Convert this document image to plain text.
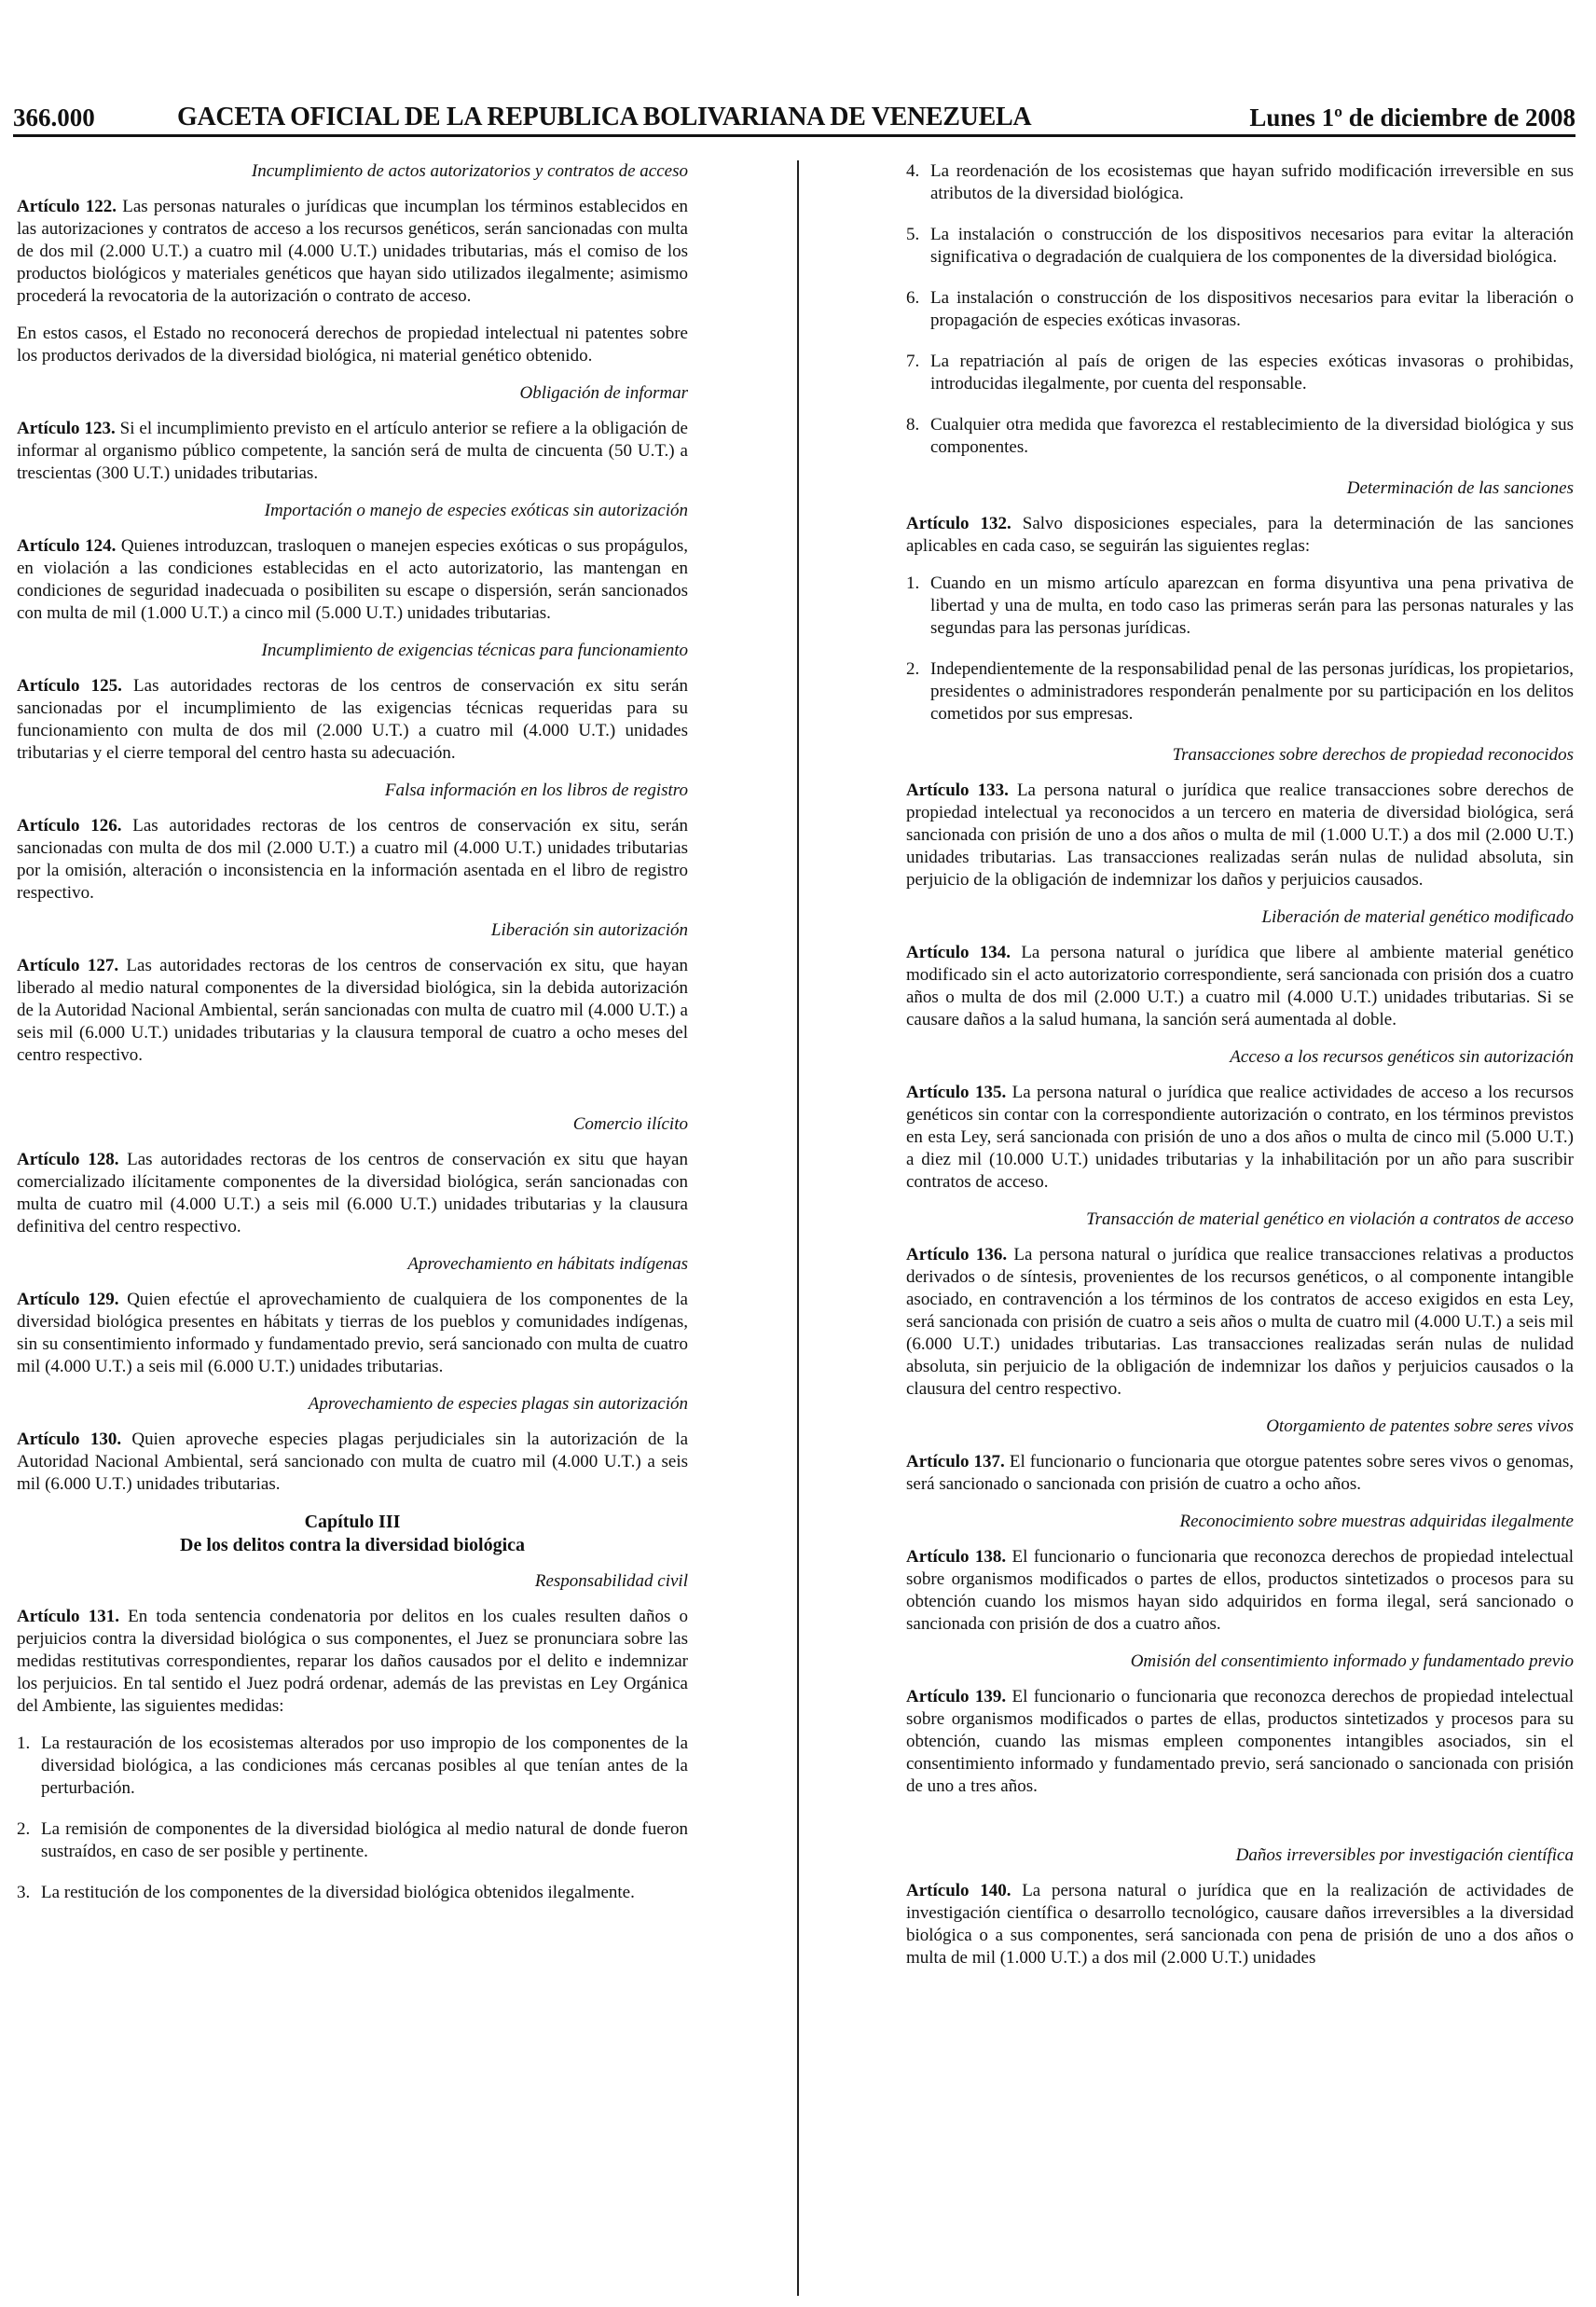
366.000	GACETA OFICIAL DE LA REPUBLICA BOLIVARIANA DE VENEZUELA	Lunes 1º de diciembre de 2008
Incumplimiento de actos autorizatorios y contratos de acceso

Artículo 122. Las personas naturales o jurídicas que incumplan los términos establecidos en las autorizaciones y contratos de acceso a los recursos genéticos, serán sancionadas con multa de dos mil (2.000 U.T.) a cuatro mil (4.000 U.T.) unidades tributarias, más el comiso de los productos biológicos y materiales genéticos que hayan sido utilizados ilegalmente; asimismo procederá la revocatoria de la autorización o contrato de acceso.

En estos casos, el Estado no reconocerá derechos de propiedad intelectual ni patentes sobre los productos derivados de la diversidad biológica, ni material genético obtenido.

Obligación de informar

Artículo 123. Si el incumplimiento previsto en el artículo anterior se refiere a la obligación de informar al organismo público competente, la sanción será de multa de cincuenta (50 U.T.) a trescientas (300 U.T.) unidades tributarias.

Importación o manejo de especies exóticas sin autorización

Artículo 124. Quienes introduzcan, trasloquen o manejen especies exóticas o sus propágulos, en violación a las condiciones establecidas en el acto autorizatorio, las mantengan en condiciones de seguridad inadecuada o posibiliten su escape o dispersión, serán sancionados con multa de mil (1.000 U.T.) a cinco mil (5.000 U.T.) unidades tributarias.

Incumplimiento de exigencias técnicas para funcionamiento

Artículo 125. Las autoridades rectoras de los centros de conservación ex situ serán sancionadas por el incumplimiento de las exigencias técnicas requeridas para su funcionamiento con multa de dos mil (2.000 U.T.) a cuatro mil (4.000 U.T.) unidades tributarias y el cierre temporal del centro hasta su adecuación.

Falsa información en los libros de registro

Artículo 126. Las autoridades rectoras de los centros de conservación ex situ, serán sancionadas con multa de dos mil (2.000 U.T.) a cuatro mil (4.000 U.T.) unidades tributarias por la omisión, alteración o inconsistencia en la información asentada en el libro de registro respectivo.

Liberación sin autorización

Artículo 127. Las autoridades rectoras de los centros de conservación ex situ, que hayan liberado al medio natural componentes de la diversidad biológica, sin la debida autorización de la Autoridad Nacional Ambiental, serán sancionadas con multa de cuatro mil (4.000 U.T.) a seis mil (6.000 U.T.) unidades tributarias y la clausura temporal de cuatro a ocho meses del centro respectivo.

Comercio ilícito

Artículo 128. Las autoridades rectoras de los centros de conservación ex situ que hayan comercializado ilícitamente componentes de la diversidad biológica, serán sancionadas con multa de cuatro mil (4.000 U.T.) a seis mil (6.000 U.T.) unidades tributarias y la clausura definitiva del centro respectivo.

Aprovechamiento en hábitats indígenas

Artículo 129. Quien efectúe el aprovechamiento de cualquiera de los componentes de la diversidad biológica presentes en hábitats y tierras de los pueblos y comunidades indígenas, sin su consentimiento informado y fundamentado previo, será sancionado con multa de cuatro mil (4.000 U.T.) a seis mil (6.000 U.T.) unidades tributarias.

Aprovechamiento de especies plagas sin autorización

Artículo 130. Quien aproveche especies plagas perjudiciales sin la autorización de la Autoridad Nacional Ambiental, será sancionado con multa de cuatro mil (4.000 U.T.) a seis mil (6.000 U.T.) unidades tributarias.

Capítulo III
De los delitos contra la diversidad biológica
Responsabilidad civil

Artículo 131. En toda sentencia condenatoria por delitos en los cuales resulten daños o perjuicios contra la diversidad biológica o sus componentes, el Juez se pronunciara sobre las medidas restitutivas correspondientes, reparar los daños causados por el delito e indemnizar los perjuicios. En tal sentido el Juez podrá ordenar, además de las previstas en Ley Orgánica del Ambiente, las siguientes medidas:

1. La restauración de los ecosistemas alterados por uso impropio de los componentes de la diversidad biológica, a las condiciones más cercanas posibles al que tenían antes de la perturbación.
2. La remisión de componentes de la diversidad biológica al medio natural de donde fueron sustraídos, en caso de ser posible y pertinente.
3. La restitución de los componentes de la diversidad biológica obtenidos ilegalmente.
4. La reordenación de los ecosistemas que hayan sufrido modificación irreversible en sus atributos de la diversidad biológica.
5. La instalación o construcción de los dispositivos necesarios para evitar la alteración significativa o degradación de cualquiera de los componentes de la diversidad biológica.
6. La instalación o construcción de los dispositivos necesarios para evitar la liberación o propagación de especies exóticas invasoras.
7. La repatriación al país de origen de las especies exóticas invasoras o prohibidas, introducidas ilegalmente, por cuenta del responsable.
8. Cualquier otra medida que favorezca el restablecimiento de la diversidad biológica y sus componentes.
Determinación de las sanciones

Artículo 132. Salvo disposiciones especiales, para la determinación de las sanciones aplicables en cada caso, se seguirán las siguientes reglas:

1. Cuando en un mismo artículo aparezcan en forma disyuntiva una pena privativa de libertad y una de multa, en todo caso las primeras serán para las personas naturales y las segundas para las personas jurídicas.
2. Independientemente de la responsabilidad penal de las personas jurídicas, los propietarios, presidentes o administradores responderán penalmente por su participación en los delitos cometidos por sus empresas.
Transacciones sobre derechos de propiedad reconocidos

Artículo 133. La persona natural o jurídica que realice transacciones sobre derechos de propiedad intelectual ya reconocidos a un tercero en materia de diversidad biológica, será sancionada con prisión de uno a dos años o multa de mil (1.000 U.T.) a dos mil (2.000 U.T.) unidades tributarias. Las transacciones realizadas serán nulas de nulidad absoluta, sin perjuicio de la obligación de indemnizar los daños y perjuicios causados.

Liberación de material genético modificado

Artículo 134. La persona natural o jurídica que libere al ambiente material genético modificado sin el acto autorizatorio correspondiente, será sancionada con prisión dos a cuatro años o multa de dos mil (2.000 U.T.) a cuatro mil (4.000 U.T.) unidades tributarias. Si se causare daños a la salud humana, la sanción será aumentada al doble.

Acceso a los recursos genéticos sin autorización

Artículo 135. La persona natural o jurídica que realice actividades de acceso a los recursos genéticos sin contar con la correspondiente autorización o contrato, en los términos previstos en esta Ley, será sancionada con prisión de uno a dos años o multa de cinco mil (5.000 U.T.) a diez mil (10.000 U.T.) unidades tributarias y la inhabilitación por un año para suscribir contratos de acceso.

Transacción de material genético en violación a contratos de acceso

Artículo 136. La persona natural o jurídica que realice transacciones relativas a productos derivados o de síntesis, provenientes de los recursos genéticos, o al componente intangible asociado, en contravención a los términos de los contratos de acceso exigidos en esta Ley, será sancionada con prisión de cuatro a seis años o multa de cuatro mil (4.000 U.T.) a seis mil (6.000 U.T.) unidades tributarias. Las transacciones realizadas serán nulas de nulidad absoluta, sin perjuicio de la obligación de indemnizar los daños y perjuicios causados o la clausura del centro respectivo.

Otorgamiento de patentes sobre seres vivos

Artículo 137. El funcionario o funcionaria que otorgue patentes sobre seres vivos o genomas, será sancionado o sancionada con prisión de cuatro a ocho años.

Reconocimiento sobre muestras adquiridas ilegalmente

Artículo 138. El funcionario o funcionaria que reconozca derechos de propiedad intelectual sobre organismos modificados o partes de ellos, productos sintetizados o procesos para su obtención cuando los mismos hayan sido adquiridos en forma ilegal, será sancionado o sancionada con prisión de dos a cuatro años.

Omisión del consentimiento informado y fundamentado previo

Artículo 139. El funcionario o funcionaria que reconozca derechos de propiedad intelectual sobre organismos modificados o partes de ellas, productos sintetizados y procesos para su obtención, cuando las mismas empleen componentes intangibles asociados, sin el consentimiento informado y fundamentado previo, será sancionado o sancionada con prisión de uno a tres años.

Daños irreversibles por investigación científica

Artículo 140. La persona natural o jurídica que en la realización de actividades de investigación científica o desarrollo tecnológico, causare daños irreversibles a la diversidad biológica o a sus componentes, será sancionada con pena de prisión de uno a dos años o multa de mil (1.000 U.T.) a dos mil (2.000 U.T.) unidades
